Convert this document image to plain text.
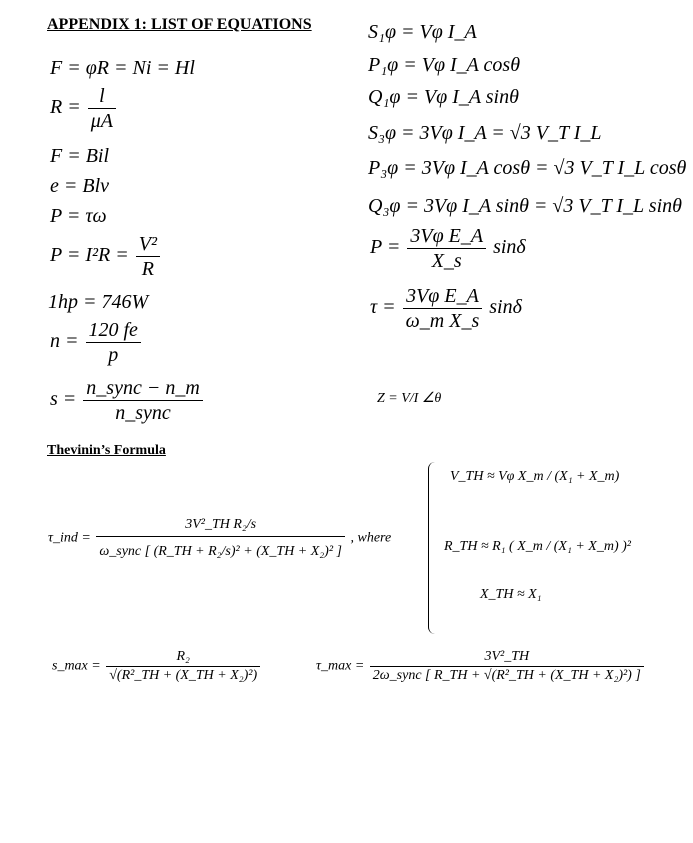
APPENDIX 1: LIST OF EQUATIONS
F = φR = Ni = Hl
$R = \frac{l}{\mu A}$
F = Bil
e = Blv
P = τω
$P = I^2R = \frac{\text{V²}}{R}$
1hp = 746W
$n = \frac{120 fe}{p}$
$s = \frac{\text{n\_sync − n\_m}}{\text{n\_sync}}$
S₁φ = Vφ I_A
P₁φ = Vφ I_A cosθ
Q₁φ = Vφ I_A sinθ
S₃φ = 3Vφ I_A = √3 V_T I_L
P₃φ = 3Vφ I_A cosθ = √3 V_T I_L cosθ
Q₃φ = 3Vφ I_A sinθ = √3 V_T I_L sinθ
$P = \frac{\text{3Vφ E\_A}}{X\_s}$ sinδ
$\tau = \frac{\text{3Vφ E\_A}}{\text{ω\_m X\_s}}$ sinδ
Z = V/I ∠θ
Thevinin’s Formula
τ_ind = $\frac{\text{3V²\_TH R₂/s}}{\text{ω\_sync [ (R\_TH + R₂/s)² + (X\_TH + X₂)² ]}}$ , where
V_TH ≈ Vφ X_m / (X₁ + X_m)
R_TH ≈ R₁ ( X_m / (X₁ + X_m) )²
X_TH ≈ X₁
s_max = $\frac{\text{R₂}}{\text{√(R²\_TH + (X\_TH + X₂)²)}}$	τ_max = $\frac{\text{3V²\_TH}}{\text{2ω\_sync [ R\_TH + √(R²\_TH + (X\_TH + X₂)²) ]}}$
